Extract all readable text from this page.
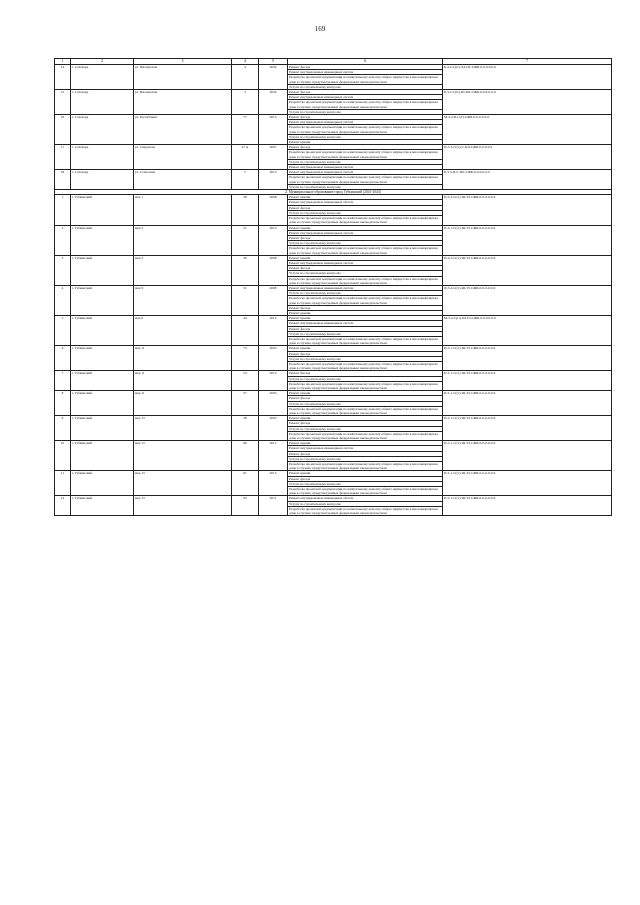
169
1	2	3	4	5	6	7
14	г. Салехард	ул. Пионерская	4	2034	Ремонт фасада	Б-4-2-С(гг)-ХЗ-ПГ-СЖБ-0-0-0-0-0-0
					Ремонт внутридомовых инженерных систем	
					Разработка проектной документации по капитальному ремонту общего имущества в многоквартирном доме в случаях, предусмотренных федеральным законодательством	
					Услуги по строительному контролю	
15	г. Салехард	ул. Пионерская	3	2034	Ремонт фасада	Б-3-2-С(гг)-Ш-ПЛ-СЖБ-0-0-0-0-0-0
					Ремонт внутридомовых инженерных систем	
					Разработка проектной документации по капитальному ремонту общего имущества в многоквартирном доме в случаях, предусмотренных федеральным законодательством	
					Услуги по строительному контролю	
16	г. Салехард	ул. Республики	77	2013	Ремонт фасада	М-4-4-П-С(Г)-СЖБ-0-0-0-0-0-0
					Ремонт внутридомовых инженерных систем	
					Разработка проектной документации по капитальному ремонту общего имущества в многоквартирном доме в случаях, предусмотренных федеральным законодательством	
					Услуги по строительному контролю	
					Ремонт крыши	
17	г. Салехард	ул. Свердлова	47 А	2007	Ремонт фасада	П-5-3-С(гг)-С-ПЛ-СЖБ-0-0-0-0-0
					Разработка проектной документации по капитальному ремонту общего имущества в многоквартирном доме в случаях, предусмотренных федеральным законодательством	
					Услуги по строительному контролю	
					Ремонт внутридомовых инженерных систем	
18	г. Салехард	ул. Совхозная	5	2010	Ремонт внутридомовых инженерных систем	Б-3-3-П-С-ПЛ-СЖБ-0-0-0-0-0-0
					Разработка проектной документации по капитальному ремонту общего имущества в многоквартирном доме в случаях, предусмотренных федеральным законодательством	
					Услуги по строительному контролю	
2. Муниципальное образование город Губкинский (2041-2043)						
1	г. Губкинский	мкр 1	28	2008	Ремонт крыши	П-5-2-С(гг)-Ш-Т3-СЖБ-0-0-0-0-0-0
					Ремонт внутридомовых инженерных систем	
					Ремонт фасада	
					Услуги по строительному контролю	
					Разработка проектной документации по капитальному ремонту общего имущества в многоквартирном доме в случаях, предусмотренных федеральным законодательством	
2	г. Губкинский	мкр 5	21	2010	Ремонт крыши	П-3-1-С(гг)-Ш-Т3-СЖБ-0-0-0-0-0-0
					Ремонт внутридомовых инженерных систем	
					Ремонт фасада	
					Услуги по строительному контролю	
					Разработка проектной документации по капитальному ремонту общего имущества в многоквартирном доме в случаях, предусмотренных федеральным законодательством	
3	г. Губкинский	мкр 5	26	2008	Ремонт крыши	П-5-2-С(гг)-Ш-Т3-СЖБ-0-0-0-0-0-0
					Ремонт внутридомовых инженерных систем	
					Ремонт фасада	
					Услуги по строительному контролю	
					Разработка проектной документации по капитальному ремонту общего имущества в многоквартирном доме в случаях, предусмотренных федеральным законодательством	
4	г. Губкинский	мкр 9	31	2008	Ремонт внутридомовых инженерных систем	П-5-2-С(гг)-Ш-Т3-СЖБ-0-0-0-0-0-0
					Услуги по строительному контролю	
					Разработка проектной документации по капитальному ремонту общего имущества в многоквартирном доме в случаях, предусмотренных федеральным законодательством	
					Ремонт фасада	
					Ремонт крыши	
5	г. Губкинский	мкр 9	44	2012	Ремонт крыши	М-5-2-С(гг)-Ш-Т3-СЖБ-0-0-0-0-0-0
					Ремонт внутридомовых инженерных систем	
					Ремонт фасада	
					Услуги по строительному контролю	
					Разработка проектной документации по капитальному ремонту общего имущества в многоквартирном доме в случаях, предусмотренных федеральным законодательством	
6	г. Губкинский	мкр 11	73	2005	Ремонт крыши	П-5-1-С(гг)-Ш-Т3-СЖБ-0-0-0-0-0-0
					Ремонт фасада	
					Услуги по строительному контролю	
					Разработка проектной документации по капитальному ремонту общего имущества в многоквартирном доме в случаях, предусмотренных федеральным законодательством	
7	г. Губкинский	мкр 11	54	2012	Ремонт фасада	П-5-1-С(гг)-Ш-Т3-СЖБ-0-0-0-0-0-0
					Услуги по строительному контролю	
					Разработка проектной документации по капитальному ремонту общего имущества в многоквартирном доме в случаях, предусмотренных федеральным законодательством	
8	г. Губкинский	мкр 11	57	2003	Ремонт крыши	П-5-1-С(гг)-Ш-Т3-СЖБ-0-0-0-0-0-0
					Ремонт фасада	
					Услуги по строительному контролю	
					Разработка проектной документации по капитальному ремонту общего имущества в многоквартирном доме в случаях, предусмотренных федеральным законодательством	
9	г. Губкинский	мкр 13	58	2005	Ремонт крыши	П-5-1-С(гг)-Ш-Т3-СЖБ-0-0-0-0-0-0
					Ремонт фасада	
					Услуги по строительному контролю	
					Разработка проектной документации по капитальному ремонту общего имущества в многоквартирном доме в случаях, предусмотренных федеральным законодательством	
10	г. Губкинский	мкр 13	60	2012	Ремонт крыши	П-5-1-С(гг)-Ш-Т3-СЖБ-0-0-0-0-0-0
					Ремонт внутридомовых инженерных систем	
					Ремонт фасада	
					Услуги по строительному контролю	
					Разработка проектной документации по капитальному ремонту общего имущества в многоквартирном доме в случаях, предусмотренных федеральным законодательством	
11	г. Губкинский	мкр 13	61	2013	Ремонт крыши	П-5-1-С(гг)-Ш-Т3-СЖБ-0-0-0-0-0-0
					Ремонт фасада	
					Услуги по строительному контролю	
					Разработка проектной документации по капитальному ремонту общего имущества в многоквартирном доме в случаях, предусмотренных федеральным законодательством	
12	г. Губкинский	мкр 13	63	2011	Ремонт внутридомовых инженерных систем	П-5-1-С(гг)-Ш-Т3-СЖБ-0-0-0-0-0-0
					Услуги по строительному контролю	
					Разработка проектной документации по капитальному ремонту общего имущества в многоквартирном доме в случаях, предусмотренных федеральным законодательством	
